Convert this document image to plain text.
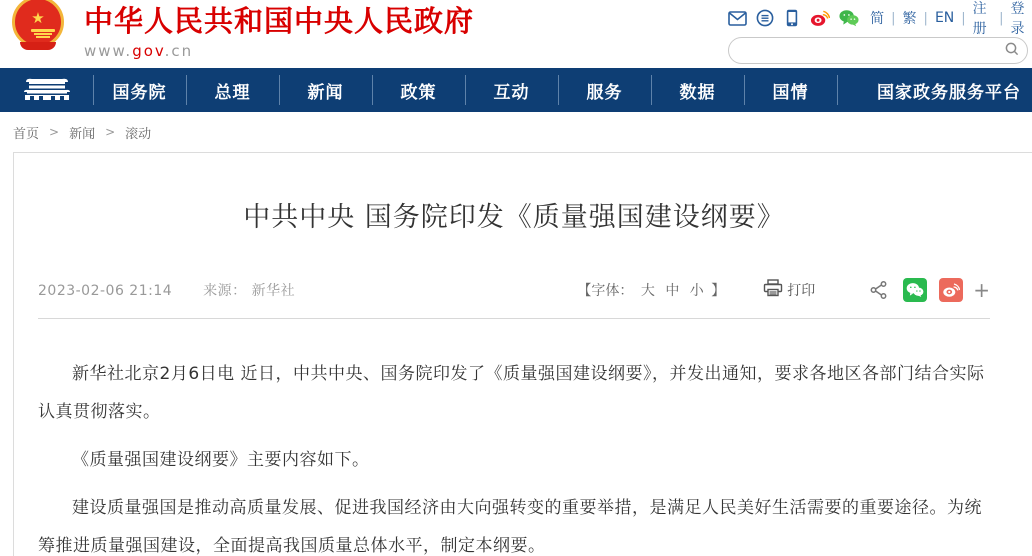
★ 中华人民共和国中央人民政府
www.gov.cn
简 | 繁 | EN |
注册
|
登录
国务院	总理	新闻	政策	互动	服务	数据	国情	国家政务服务平台
首页 > 新闻 > 滚动
中共中央 国务院印发《质量强国建设纲要》
2023-02-06 21:14 来源： 新华社	【字体： 大 中 小 】	打印	+

新华社北京2月6日电 近日，中共中央、国务院印发了《质量强国建设纲要》，并发出通知，要求各地区各部门结合实际认真贯彻落实。

《质量强国建设纲要》主要内容如下。

建设质量强国是推动高质量发展、促进我国经济由大向强转变的重要举措，是满足人民美好生活需要的重要途径。为统筹推进质量强国建设，全面提高我国质量总体水平，制定本纲要。
